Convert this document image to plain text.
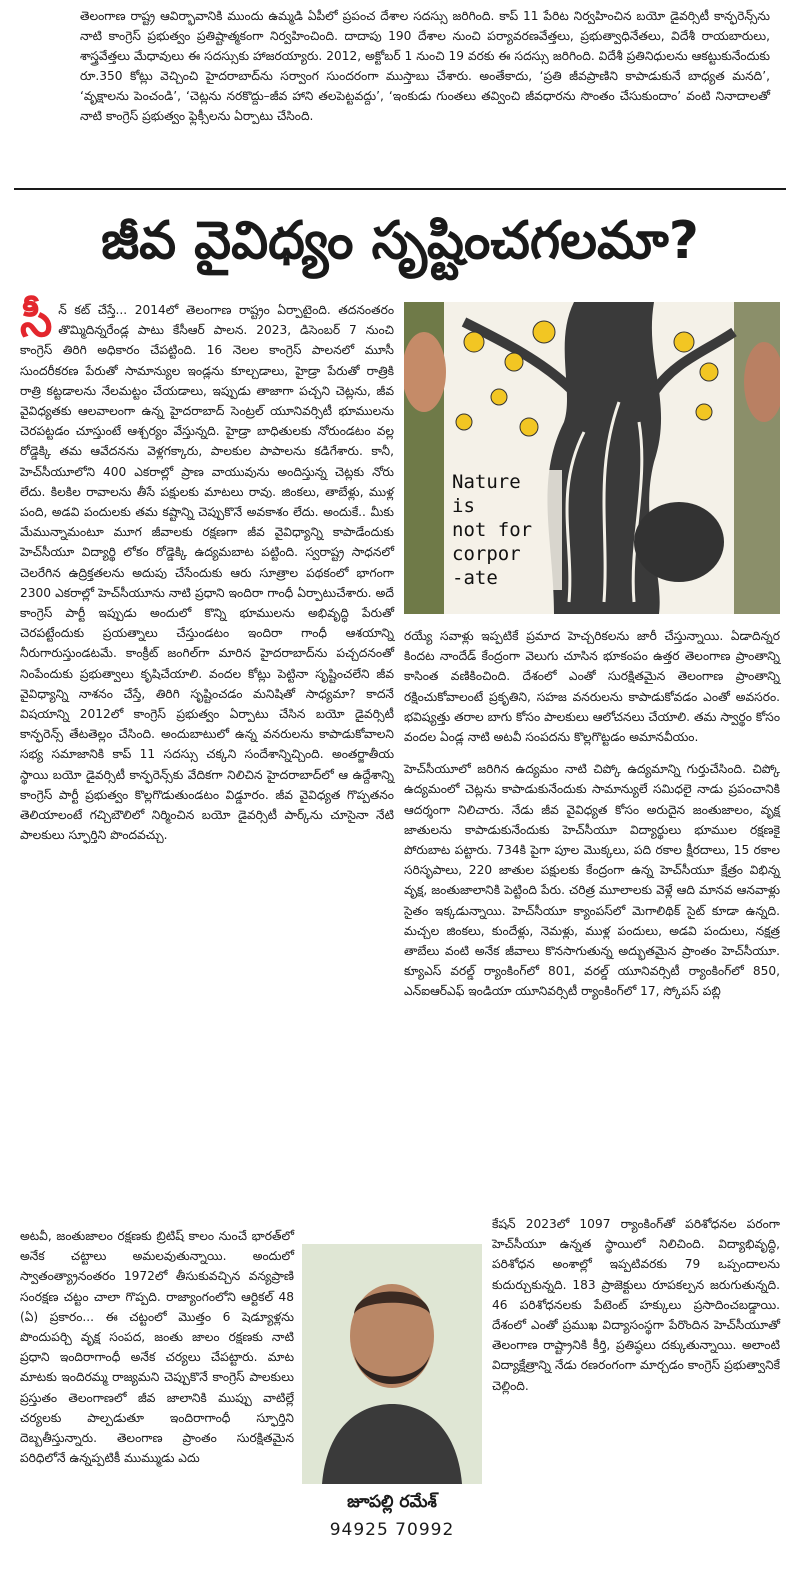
తెలంగాణ రాష్ట్ర ఆవిర్భావానికి ముందు ఉమ్మడి ఏపీలో ప్రపంచ దేశాల సదస్సు జరిగింది. కాప్‌ 11 పేరిట నిర్వహించిన బయో డైవర్సిటీ కాన్ఫరెన్స్‌ను నాటి కాంగ్రెస్‌ ప్రభుత్వం ప్రతిష్టాత్మకంగా నిర్వహించింది. దాదాపు 190 దేశాల నుంచి పర్యావరణవేత్తలు, ప్రభుత్వాధినేతలు, విదేశీ రాయబారులు, శాస్త్రవేత్తలు మేధావులు ఈ సదస్సుకు హాజరయ్యారు. 2012, అక్టోబర్‌ 1 నుంచి 19 వరకు ఈ సదస్సు జరిగింది. విదేశీ ప్రతినిధులను ఆకట్టుకునేందుకు రూ.350 కోట్లు వెచ్చించి హైదరాబాద్‌ను సర్వాంగ సుందరంగా ముస్తాబు చేశారు. అంతేకాదు, ‘ప్రతి జీవప్రాణిని కాపాడుకునే బాధ్యత మనది’, ‘వృక్షాలను పెంచండి’, ‘చెట్లను నరకొద్దు–జీవ హాని తలపెట్టవద్దు’, ‘ఇంకుడు గుంతలు తవ్వించి జీవధారను సొంతం చేసుకుందాం’ వంటి నినాదాలతో నాటి కాంగ్రెస్‌ ప్రభుత్వం ఫ్లెక్సీలను ఏర్పాటు చేసింది.
జీవ వైవిధ్యం సృష్టించగలమా?

సీన్‌ కట్‌ చేస్తే... 2014లో తెలంగాణ రాష్ట్రం ఏర్పాటైంది. తదనంతరం తొమ్మిదిన్నరేండ్ల పాటు కేసీఆర్‌ పాలన. 2023, డిసెంబర్‌ 7 నుంచి కాంగ్రెస్‌ తిరిగి అధికారం చేపట్టింది. 16 నెలల కాంగ్రెస్‌ పాలనలో మూసీ సుందరీకరణ పేరుతో సామాన్యుల ఇండ్లను కూల్చడాలు, హైడ్రా పేరుతో రాత్రికి రాత్రి కట్టడాలను నేలమట్టం చేయడాలు, ఇప్పుడు తాజాగా పచ్చని చెట్లను, జీవ వైవిధ్యతకు ఆలవాలంగా ఉన్న హైదరాబాద్‌ సెంట్రల్‌ యూనివర్సిటీ భూములను చెరపట్టడం చూస్తుంటే ఆశ్చర్యం వేస్తున్నది. హైడ్రా బాధితులకు నోరుండటం వల్ల రోడ్డెక్కి తమ ఆవేదనను వెళ్లగక్కారు, పాలకుల పాపాలను కడిగేశారు. కానీ, హెచ్‌సీయూలోని 400 ఎకరాల్లో ప్రాణ వాయువును అందిస్తున్న చెట్లకు నోరు లేదు. కిలకిల రావాలను తీసే పక్షులకు మాటలు రావు. జింకలు, తాబేళ్లు, ముళ్ల పంది, అడవి పందులకు తమ కష్టాన్ని చెప్పుకొనే అవకాశం లేదు. అందుకే.. మీకు మేమున్నామంటూ మూగ జీవాలకు రక్షణగా జీవ వైవిధ్యాన్ని కాపాడేందుకు హెచ్‌సీయూ విద్యార్థి లోకం రోడ్డెక్కి ఉద్యమబాట పట్టింది. స్వరాష్ట్ర సాధనలో చెలరేగిన ఉద్రిక్తతలను అదుపు చేసేందుకు ఆరు సూత్రాల పథకంలో భాగంగా 2300 ఎకరాల్లో హెచ్‌సీయూను నాటి ప్రధాని ఇందిరా గాంధీ ఏర్పాటుచేశారు. అదే కాంగ్రెస్‌ పార్టీ ఇప్పుడు అందులో కొన్ని భూములను అభివృద్ధి పేరుతో చెరపట్టేందుకు ప్రయత్నాలు చేస్తుండటం ఇందిరా గాంధీ ఆశయాన్ని నీరుగారుస్తుండటమే. కాంక్రీట్‌ జంగిల్‌గా మారిన హైదరాబాద్‌ను పచ్చదనంతో నింపేందుకు ప్రభుత్వాలు కృషిచేయాలి. వందల కోట్లు పెట్టినా సృష్టించలేని జీవ వైవిధ్యాన్ని నాశనం చేస్తే, తిరిగి సృష్టించడం మనిషితో సాధ్యమా? కాదనే విషయాన్ని 2012లో కాంగ్రెస్‌ ప్రభుత్వం ఏర్పాటు చేసిన బయో డైవర్సిటీ కాన్ఫరెన్స్‌ తేటతెల్లం చేసింది. అందుబాటులో ఉన్న వనరులను కాపాడుకోవాలని సభ్య సమాజానికి కాప్‌ 11 సదస్సు చక్కని సందేశాన్నిచ్చింది. అంతర్జాతీయ స్థాయి బయో డైవర్సిటీ కాన్ఫరెన్స్‌కు వేదికగా నిలిచిన హైదరాబాద్‌లో ఆ ఉద్దేశాన్ని కాంగ్రెస్‌ పార్టీ ప్రభుత్వం కొల్లగొడుతుండటం విడ్డూరం. జీవ వైవిధ్యత గొప్పతనం తెలియాలంటే గచ్చిబౌలిలో నిర్మించిన బయో డైవర్సిటీ పార్క్‌ను చూసైనా నేటి పాలకులు స్ఫూర్తిని పొందవచ్చు.

Nature
is
not for
corpor
-ate

రయ్యే సవాళ్లు ఇప్పటికే ప్రమాద హెచ్చరికలను జారీ చేస్తున్నాయి. ఏడాదిన్నర కిందట నాందేడ్‌ కేంద్రంగా వెలుగు చూసిన భూకంపం ఉత్తర తెలంగాణ ప్రాంతాన్ని కాసింత వణికించింది. దేశంలో ఎంతో సురక్షితమైన తెలంగాణ ప్రాంతాన్ని రక్షించుకోవాలంటే ప్రకృతిని, సహజ వనరులను కాపాడుకోవడం ఎంతో అవసరం. భవిష్యత్తు తరాల బాగు కోసం పాలకులు ఆలోచనలు చేయాలి. తమ స్వార్థం కోసం వందల ఏండ్ల నాటి అటవీ సంపదను కొల్లగొట్టడం అమానవీయం.

హెచ్‌సీయూలో జరిగిన ఉద్యమం నాటి చిప్కో ఉద్యమాన్ని గుర్తుచేసింది. చిప్కో ఉద్యమంలో చెట్లను కాపాడుకునేందుకు సామాన్యులే సమిధలై నాడు ప్రపంచానికి ఆదర్శంగా నిలిచారు. నేడు జీవ వైవిధ్యత కోసం అరుదైన జంతుజాలం, వృక్ష జాతులను కాపాడుకునేందుకు హెచ్‌సీయూ విద్యార్థులు భూముల రక్షణకై పోరుబాట పట్టారు. 734కి పైగా పూల మొక్కలు, పది రకాల క్షీరదాలు, 15 రకాల సరిసృపాలు, 220 జాతుల పక్షులకు కేంద్రంగా ఉన్న హెచ్‌సీయూ క్షేత్రం విభిన్న వృక్ష, జంతుజాలానికి పెట్టింది పేరు. చరిత్ర మూలాలకు వెళ్లే ఆది మానవ ఆనవాళ్లు సైతం ఇక్కడున్నాయి. హెచ్‌సీయూ క్యాంపస్‌లో మెగాలిథిక్‌ సైట్‌ కూడా ఉన్నది. మచ్చల జింకలు, కుందేళ్లు, నెమళ్లు, ముళ్ల పందులు, అడవి పందులు, నక్షత్ర తాబేలు వంటి అనేక జీవాలు కొనసాగుతున్న అద్భుతమైన ప్రాంతం హెచ్‌సీయూ. క్యూఎస్‌ వరల్డ్‌ ర్యాంకింగ్‌లో 801, వరల్డ్‌ యూనివర్సిటీ ర్యాంకింగ్‌లో 850, ఎన్‌ఐఆర్‌ఎఫ్‌ ఇండియా యూనివర్సిటీ ర్యాంకింగ్‌లో 17, స్కోపస్‌ పబ్లి

అటవీ, జంతుజాలం రక్షణకు బ్రిటిష్‌ కాలం నుంచే భారత్‌లో అనేక చట్టాలు అమలవుతున్నాయి. అందులో స్వాతంత్య్రానంతరం 1972లో తీసుకువచ్చిన వన్యప్రాణి సంరక్షణ చట్టం చాలా గొప్పది. రాజ్యాంగంలోని ఆర్టికల్‌ 48 (ఏ) ప్రకారం... ఈ చట్టంలో మొత్తం 6 షెడ్యూళ్లను పొందుపర్చి వృక్ష సంపద, జంతు జాలం రక్షణకు నాటి ప్రధాని ఇందిరాగాంధీ అనేక చర్యలు చేపట్టారు. మాట మాటకు ఇందిరమ్మ రాజ్యమని చెప్పుకొనే కాంగ్రెస్‌ పాలకులు ప్రస్తుతం తెలంగాణలో జీవ జాలానికి ముప్పు వాటిల్లే చర్యలకు పాల్పడుతూ ఇందిరాగాంధీ స్ఫూర్తిని దెబ్బతీస్తున్నారు. తెలంగాణ ప్రాంతం సురక్షితమైన పరిధిలోనే ఉన్నప్పటికీ ముమ్ముడు ఎదు

జూపల్లి రమేశ్‌
94925 70992

కేషన్‌ 2023లో 1097 ర్యాంకింగ్‌తో పరిశోధనల పరంగా హెచ్‌సీయూ ఉన్నత స్థాయిలో నిలిచింది. విద్యాభివృద్ధి, పరిశోధన అంశాల్లో ఇప్పటివరకు 79 ఒప్పందాలను కుదుర్చుకున్నది. 183 ప్రాజెక్టులు రూపకల్పన జరుగుతున్నది. 46 పరిశోధనలకు పేటెంట్‌ హక్కులు ప్రసాదించబడ్డాయి. దేశంలో ఎంతో ప్రముఖ విద్యాసంస్థగా పేరొందిన హెచ్‌సీయూతో తెలంగాణ రాష్ట్రానికి కీర్తి, ప్రతిష్ఠలు దక్కుతున్నాయి. అలాంటి విద్యాక్షేత్రాన్ని నేడు రణరంగంగా మార్చడం కాంగ్రెస్‌ ప్రభుత్వానికే చెల్లింది.
